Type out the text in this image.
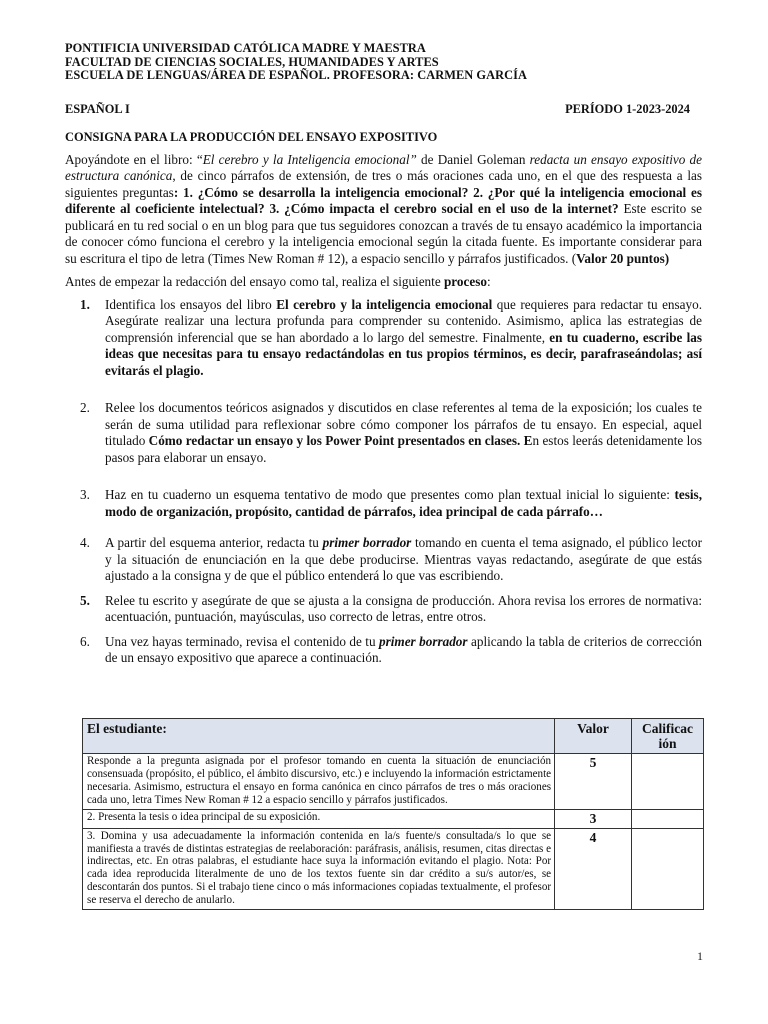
PONTIFICIA UNIVERSIDAD CATÓLICA MADRE Y MAESTRA
FACULTAD DE CIENCIAS SOCIALES, HUMANIDADES Y ARTES
ESCUELA DE LENGUAS/ÁREA DE ESPAÑOL. PROFESORA: CARMEN GARCÍA
ESPAÑOL I	PERÍODO 1-2023-2024
CONSIGNA PARA LA PRODUCCIÓN DEL ENSAYO EXPOSITIVO
Apoyándote en el libro: “El cerebro y la Inteligencia emocional” de Daniel Goleman redacta un ensayo expositivo de estructura canónica, de cinco párrafos de extensión, de tres o más oraciones cada uno, en el que des respuesta a las siguientes preguntas: 1. ¿Cómo se desarrolla la inteligencia emocional? 2. ¿Por qué la inteligencia emocional es diferente al coeficiente intelectual? 3. ¿Cómo impacta el cerebro social en el uso de la internet? Este escrito se publicará en tu red social o en un blog para que tus seguidores conozcan a través de tu ensayo académico la importancia de conocer cómo funciona el cerebro y la inteligencia emocional según la citada fuente. Es importante considerar para su escritura el tipo de letra (Times New Roman # 12), a espacio sencillo y párrafos justificados. (Valor 20 puntos)
Antes de empezar la redacción del ensayo como tal, realiza el siguiente proceso:
1.	Identifica los ensayos del libro El cerebro y la inteligencia emocional que requieres para redactar tu ensayo. Asegúrate realizar una lectura profunda para comprender su contenido. Asimismo, aplica las estrategias de comprensión inferencial que se han abordado a lo largo del semestre. Finalmente, en tu cuaderno, escribe las ideas que necesitas para tu ensayo redactándolas en tus propios términos, es decir, parafraseándolas; así evitarás el plagio.
2.	Relee los documentos teóricos asignados y discutidos en clase referentes al tema de la exposición; los cuales te serán de suma utilidad para reflexionar sobre cómo componer los párrafos de tu ensayo. En especial, aquel titulado Cómo redactar un ensayo y los Power Point presentados en clases. En estos leerás detenidamente los pasos para elaborar un ensayo.
3.	Haz en tu cuaderno un esquema tentativo de modo que presentes como plan textual inicial lo siguiente: tesis, modo de organización, propósito, cantidad de párrafos, idea principal de cada párrafo…
4.	A partir del esquema anterior, redacta tu primer borrador tomando en cuenta el tema asignado, el público lector y la situación de enunciación en la que debe producirse. Mientras vayas redactando, asegúrate de que estás ajustado a la consigna y de que el público entenderá lo que vas escribiendo.
5.	Relee tu escrito y asegúrate de que se ajusta a la consigna de producción. Ahora revisa los errores de normativa: acentuación, puntuación, mayúsculas, uso correcto de letras, entre otros.
6.	Una vez hayas terminado, revisa el contenido de tu primer borrador aplicando la tabla de criterios de corrección de un ensayo expositivo que aparece a continuación.
El estudiante:	Valor	Calificac ión
Responde a la pregunta asignada por el profesor tomando en cuenta la situación de enunciación consensuada (propósito, el público, el ámbito discursivo, etc.) e incluyendo la información estrictamente necesaria. Asimismo, estructura el ensayo en forma canónica en cinco párrafos de tres o más oraciones cada uno, letra Times New Roman # 12 a espacio sencillo y párrafos justificados.	5	
2. Presenta la tesis o idea principal de su exposición.	3	
3. Domina y usa adecuadamente la información contenida en la/s fuente/s consultada/s lo que se manifiesta a través de distintas estrategias de reelaboración: paráfrasis, análisis, resumen, citas directas e indirectas, etc. En otras palabras, el estudiante hace suya la información evitando el plagio. Nota: Por cada idea reproducida literalmente de uno de los textos fuente sin dar crédito a su/s autor/es, se descontarán dos puntos. Si el trabajo tiene cinco o más informaciones copiadas textualmente, el profesor se reserva el derecho de anularlo.	4	
1
